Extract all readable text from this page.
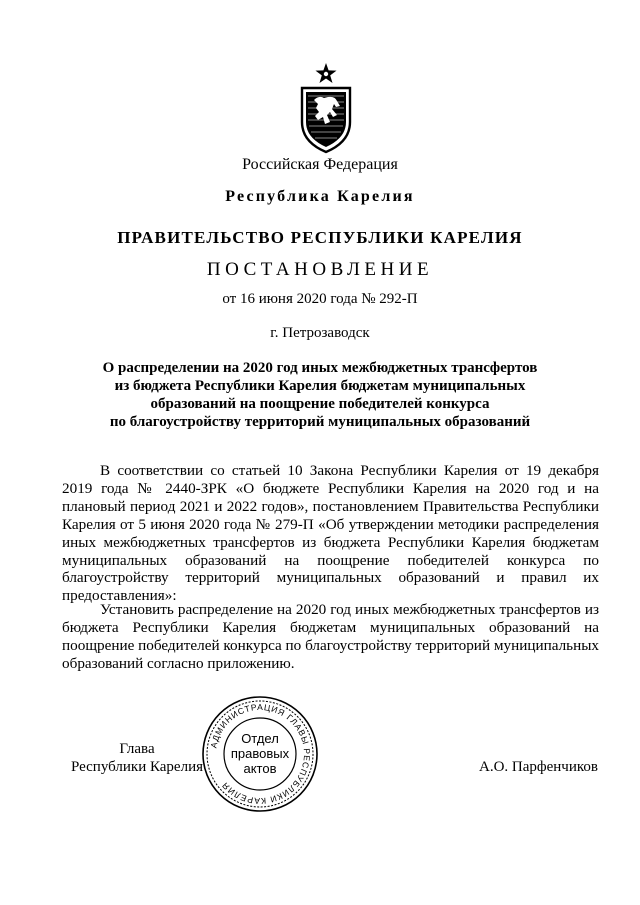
Российская Федерация
Республика Карелия
ПРАВИТЕЛЬСТВО РЕСПУБЛИКИ КАРЕЛИЯ
ПОСТАНОВЛЕНИЕ
от 16 июня 2020 года № 292-П
г. Петрозаводск
О распределении на 2020 год иных межбюджетных трансфертов
из бюджета Республики Карелия бюджетам муниципальных
образований на поощрение победителей конкурса
по благоустройству территорий муниципальных образований

В соответствии со статьей 10 Закона Республики Карелия от 19 декабря 2019 года № 2440-ЗРК «О бюджете Республики Карелия на 2020 год и на плановый период 2021 и 2022 годов», постановлением Правительства Республики Карелия от 5 июня 2020 года № 279-П «Об утверждении методики распределения иных межбюджетных трансфертов из бюджета Республики Карелия бюджетам муниципальных образований на поощрение победителей конкурса по благоустройству территорий муниципальных образований и правил их предоставления»:

Установить распределение на 2020 год иных межбюджетных трансфертов из бюджета Республики Карелия бюджетам муниципальных образований на поощрение победителей конкурса по благоустройству территорий муниципальных образований согласно приложению.

Глава
Республики Карелия
АДМИНИСТРАЦИЯ ГЛАВЫ РЕСПУБЛИКИ КАРЕЛИЯ
Отдел
правовых
актов	А.О. Парфенчиков
